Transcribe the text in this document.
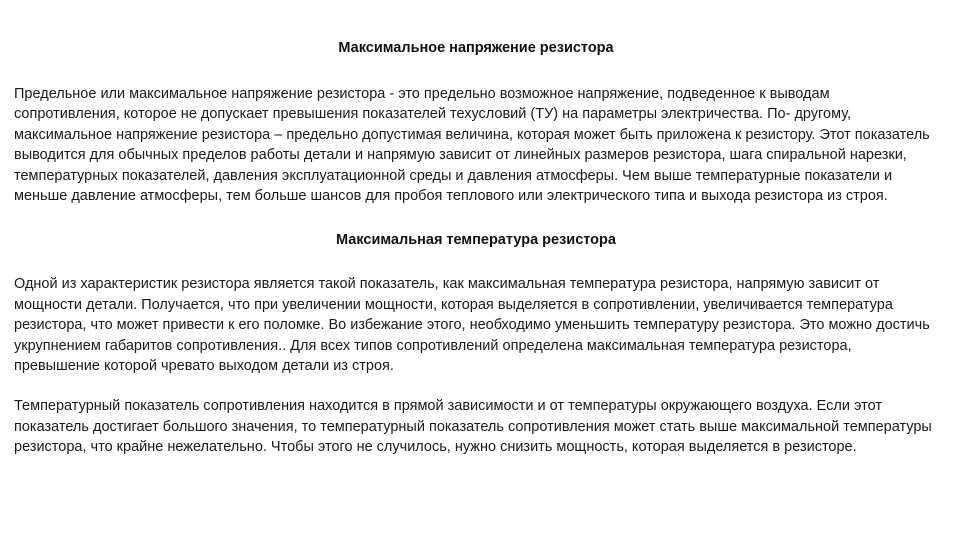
Максимальное напряжение резистора

Предельное или максимальное напряжение резистора - это предельно возможное напряжение, подведенное к выводам сопротивления, которое не допускает превышения показателей техусловий (ТУ) на параметры электричества. По- другому, максимальное напряжение резистора – предельно допустимая величина, которая может быть приложена к резистору. Этот показатель выводится для обычных пределов работы детали и напрямую зависит от линейных размеров резистора, шага спиральной нарезки, температурных показателей, давления эксплуатационной среды и давления атмосферы. Чем выше температурные показатели и меньше давление атмосферы, тем больше шансов для пробоя теплового или электрического типа и выхода резистора из строя.

Максимальная температура резистора

Одной из характеристик резистора является такой показатель, как максимальная температура резистора, напрямую зависит от мощности детали. Получается, что при увеличении мощности, которая выделяется в сопротивлении, увеличивается температура резистора, что может привести к его поломке. Во избежание этого, необходимо уменьшить температуру резистора. Это можно достичь укрупнением габаритов сопротивления.. Для всех типов сопротивлений определена максимальная температура резистора, превышение которой чревато выходом детали из строя.

Температурный показатель сопротивления находится в прямой зависимости и от температуры окружающего воздуха. Если этот показатель достигает большого значения, то температурный показатель сопротивления может стать выше максимальной температуры резистора, что крайне нежелательно. Чтобы этого не случилось, нужно снизить мощность, которая выделяется в резисторе.
